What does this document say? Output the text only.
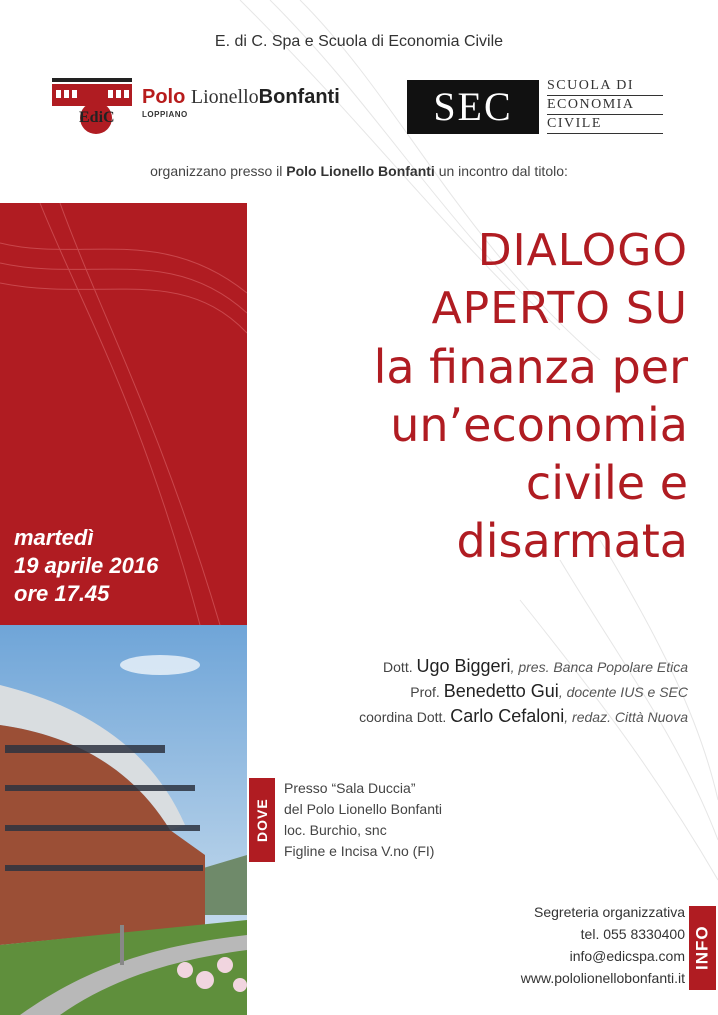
E. di C. Spa e Scuola di Economia Civile
EdiC
Polo LionelloBonfanti
LOPPIANO	SEC	SCUOLA DI
ECONOMIA
CIVILE
organizzano presso il Polo Lionello Bonfanti un incontro dal titolo:
martedì
19 aprile 2016
ore 17.45
DIALOGO
APERTO SU
la finanza per
un’economia
civile e
disarmata
Dott. Ugo Biggeri, pres. Banca Popolare Etica
Prof. Benedetto Gui, docente IUS e SEC
coordina Dott. Carlo Cefaloni, redaz. Città Nuova
DOVE
Presso “Sala Duccia”
del Polo Lionello Bonfanti
loc. Burchio, snc
Figline e Incisa V.no (FI)
Segreteria organizzativa
tel. 055 8330400
info@edicspa.com
www.pololionellobonfanti.it
INFO
